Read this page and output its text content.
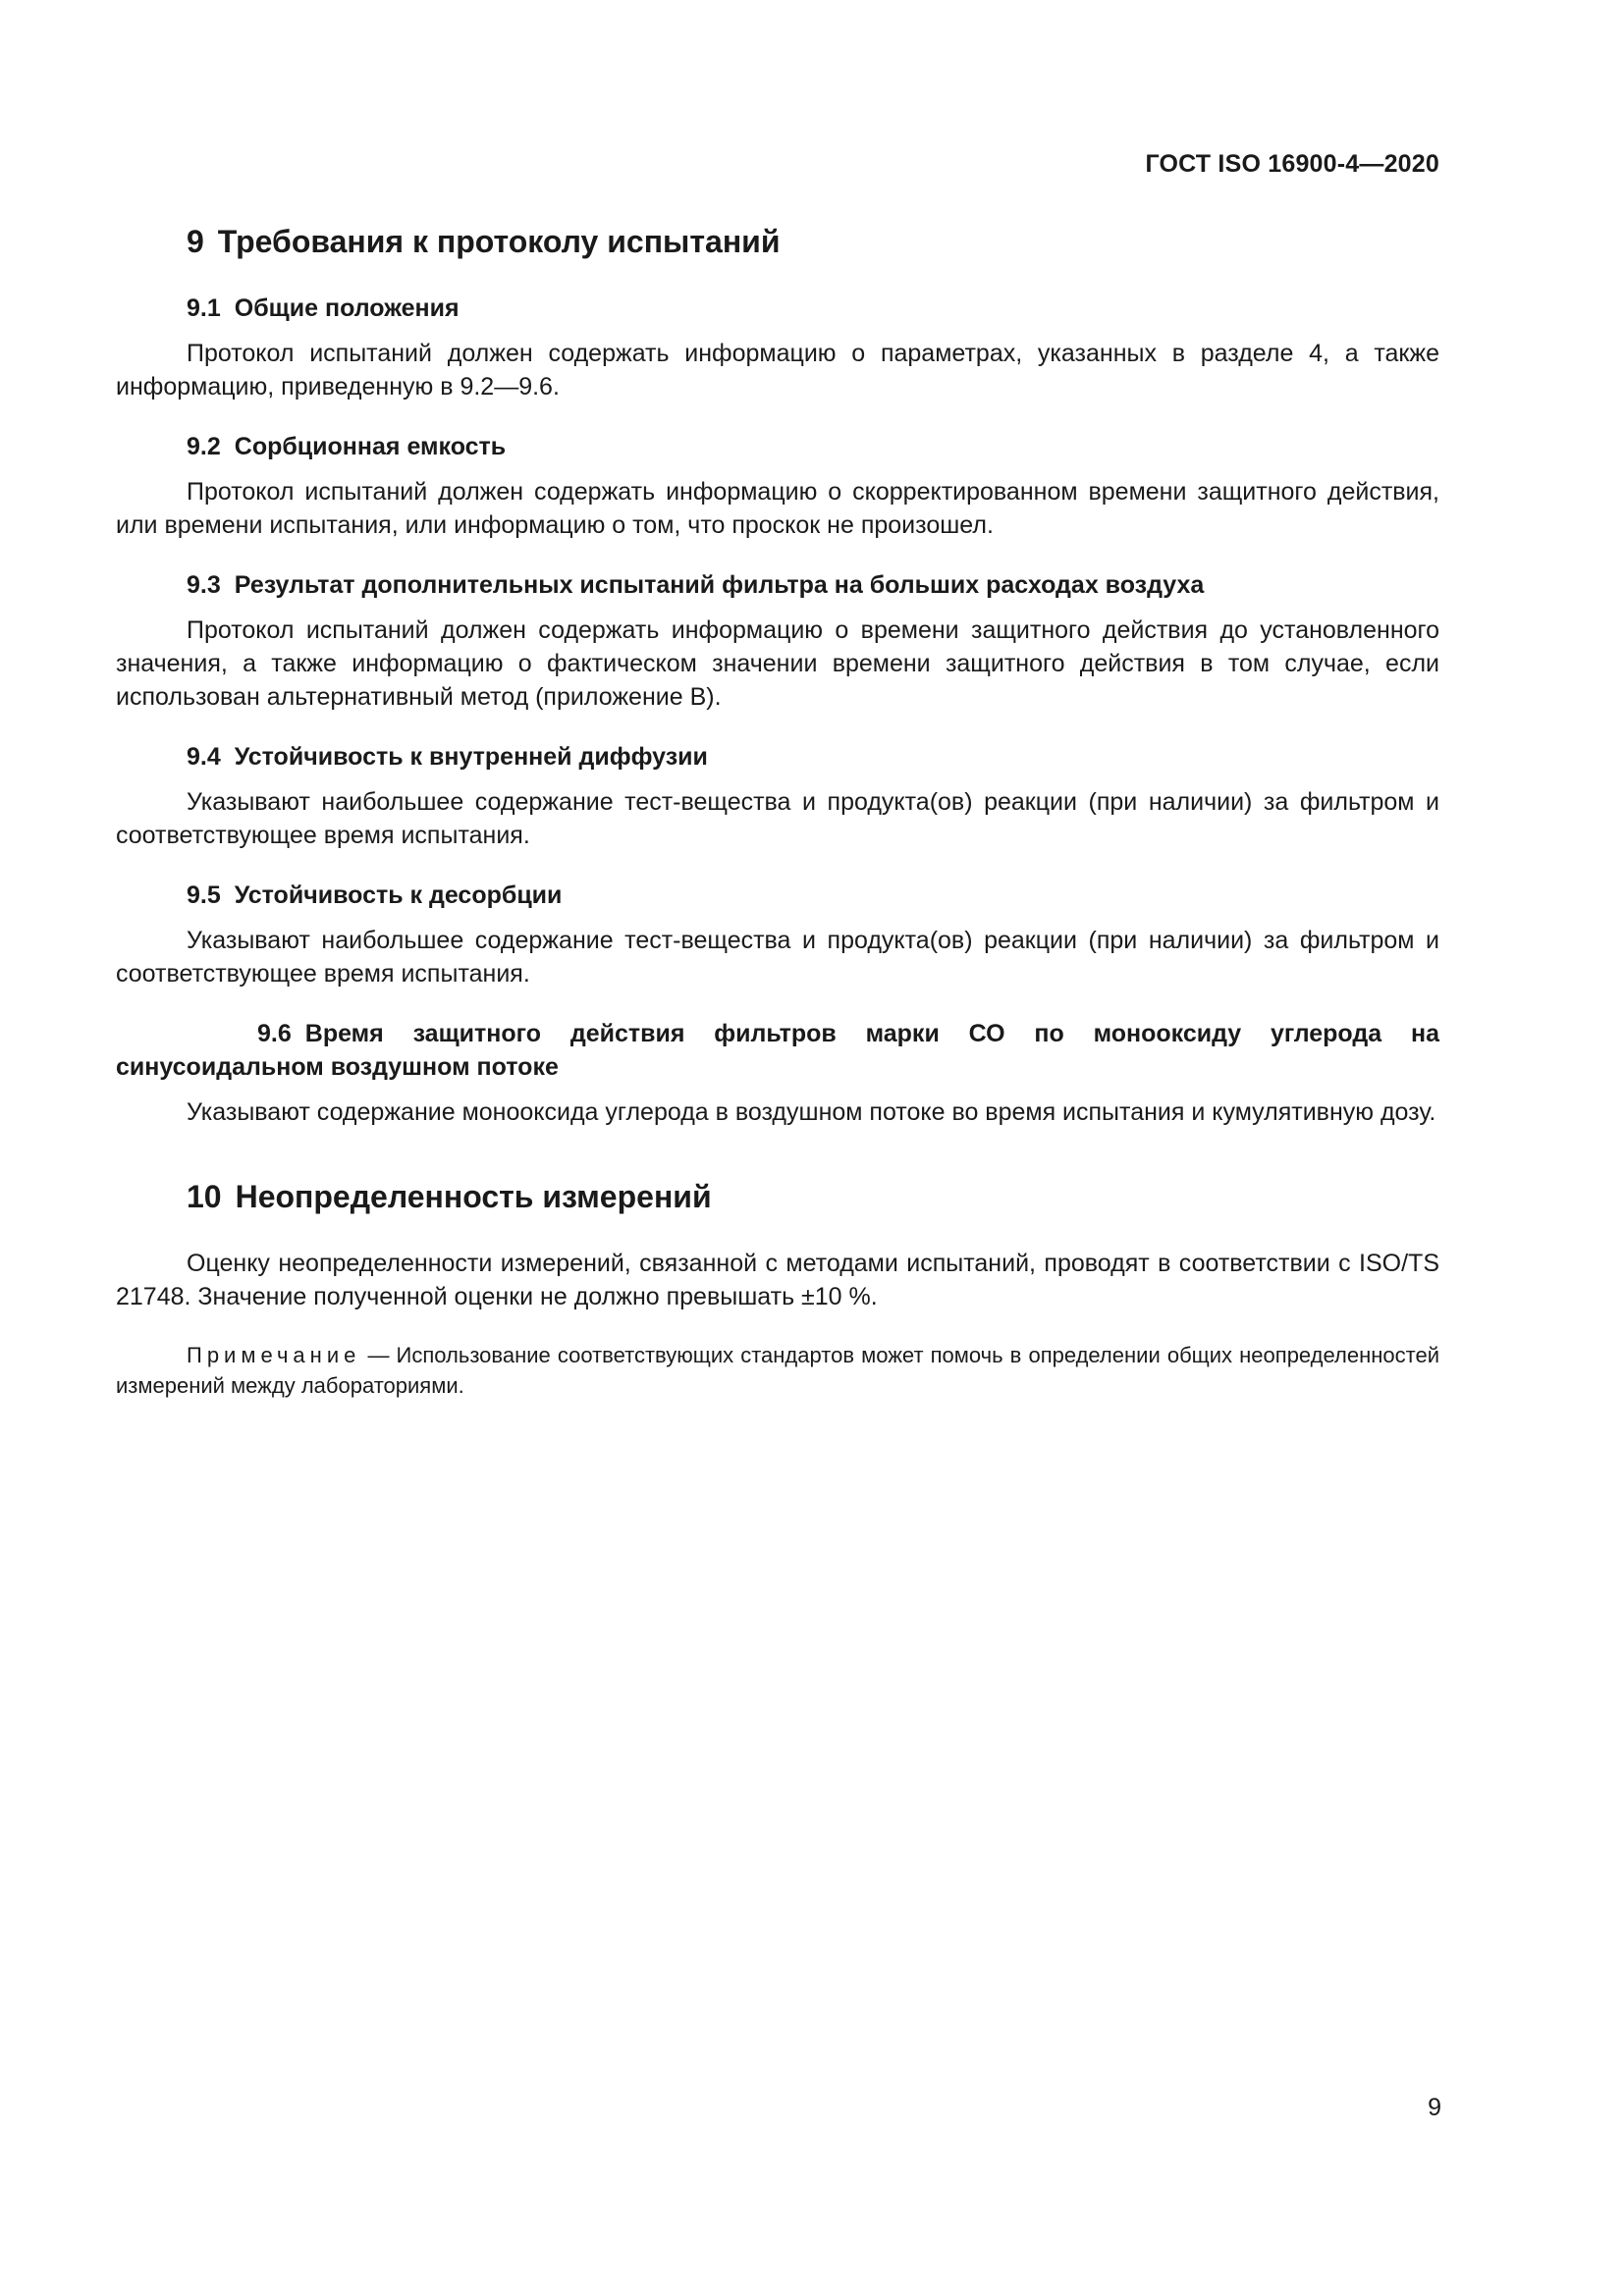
ГОСТ ISO 16900-4—2020
9 Требования к протоколу испытаний
9.1 Общие положения

Протокол испытаний должен содержать информацию о параметрах, указанных в разделе 4, а также информацию, приведенную в 9.2—9.6.

9.2 Сорбционная емкость

Протокол испытаний должен содержать информацию о скорректированном времени защитного действия, или времени испытания, или информацию о том, что проскок не произошел.

9.3 Результат дополнительных испытаний фильтра на больших расходах воздуха

Протокол испытаний должен содержать информацию о времени защитного действия до установленного значения, а также информацию о фактическом значении времени защитного действия в том случае, если использован альтернативный метод (приложение В).

9.4 Устойчивость к внутренней диффузии

Указывают наибольшее содержание тест-вещества и продукта(ов) реакции (при наличии) за фильтром и соответствующее время испытания.

9.5 Устойчивость к десорбции

Указывают наибольшее содержание тест-вещества и продукта(ов) реакции (при наличии) за фильтром и соответствующее время испытания.

9.6 Время защитного действия фильтров марки СО по монооксиду углерода на синусоидальном воздушном потоке

Указывают содержание монооксида углерода в воздушном потоке во время испытания и кумулятивную дозу.

10 Неопределенность измерений

Оценку неопределенности измерений, связанной с методами испытаний, проводят в соответствии с ISO/TS 21748. Значение полученной оценки не должно превышать ±10 %.

Примечание — Использование соответствующих стандартов может помочь в определении общих неопределенностей измерений между лабораториями.

9
